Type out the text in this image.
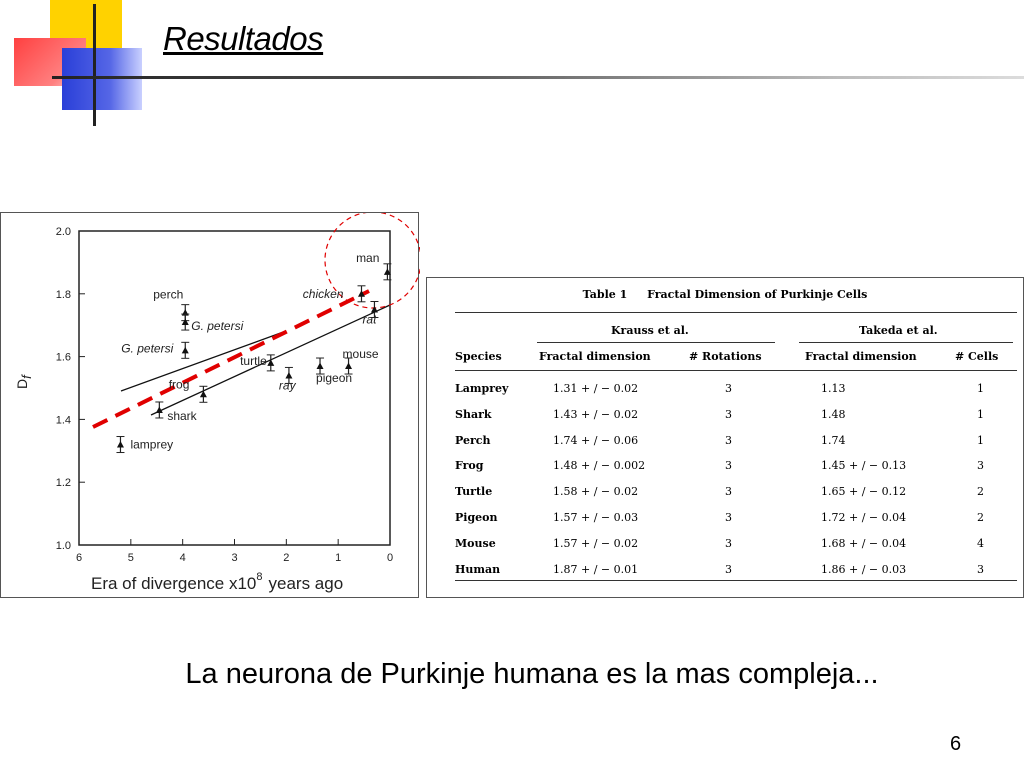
Resultados
2.0
1.8
1.6
1.4
1.2
1.0
6	5	4	3	2	1	0
lamprey
shark
frog
G. petersi
perch
G. petersi
turtle
ray
pigeon
mouse
rat
chicken
man
Df
Era of divergence $x10^8$ years ago
Table 1 Fractal Dimension of Purkinje Cells
Krauss et al.	Takeda et al.
Species	Fractal dimension	# Rotations	Fractal dimension	# Cells
Lamprey	1.31 + / − 0.02	3	1.13	1
Shark	1.43 + / − 0.02	3	1.48	1
Perch	1.74 + / − 0.06	3	1.74	1
Frog	1.48 + / − 0.002	3	1.45 + / − 0.13	3
Turtle	1.58 + / − 0.02	3	1.65 + / − 0.12	2
Pigeon	1.57 + / − 0.03	3	1.72 + / − 0.04	2
Mouse	1.57 + / − 0.02	3	1.68 + / − 0.04	4
Human	1.87 + / − 0.01	3	1.86 + / − 0.03	3
La neurona de Purkinje humana es la mas compleja...
6
